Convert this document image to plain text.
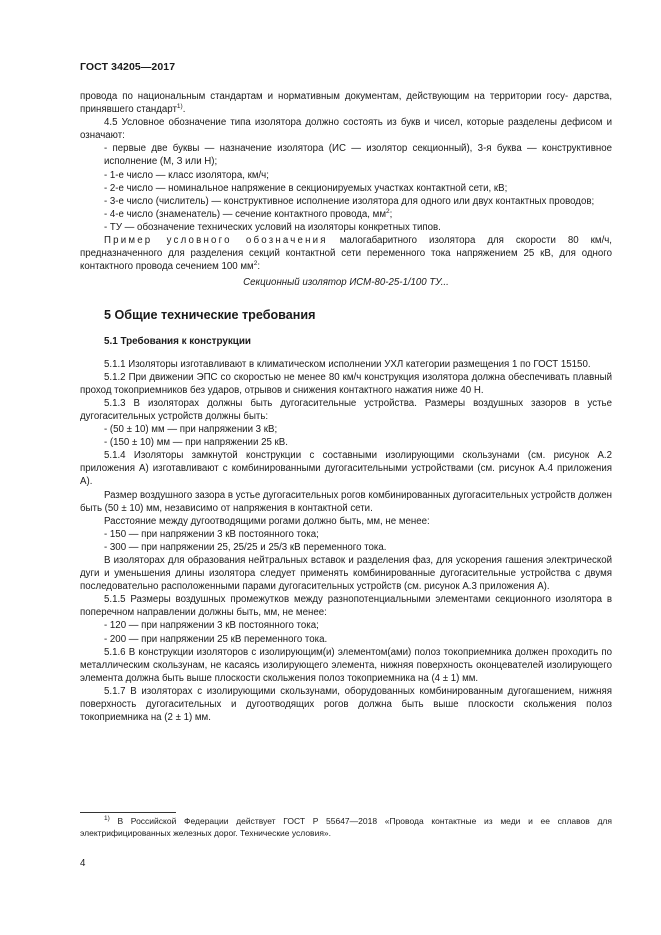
ГОСТ 34205—2017

провода по национальным стандартам и нормативным документам, действующим на территории госу- дарства, принявшего стандарт$^{1)}$.

4.5 Условное обозначение типа изолятора должно состоять из букв и чисел, которые разделены дефисом и означают:

- первые две буквы — назначение изолятора (ИС — изолятор секционный), 3-я буква — конструктивное исполнение (М, З или Н);

- 1-е число — класс изолятора, км/ч;

- 2-е число — номинальное напряжение в секционируемых участках контактной сети, кВ;

- 3-е число (числитель) — конструктивное исполнение изолятора для одного или двух контактных проводов;

- 4-е число (знаменатель) — сечение контактного провода, $мм^2$;

- ТУ — обозначение технических условий на изоляторы конкретных типов.

Пример условного обозначения малогабаритного изолятора для скорости 80 км/ч, предназначенного для разделения секций контактной сети переменного тока напряжением 25 кВ, для одного контактного провода сечением 100 $мм^2$:

Секционный изолятор ИСМ-80-25-1/100 ТУ...

5 Общие технические требования
5.1 Требования к конструкции

5.1.1 Изоляторы изготавливают в климатическом исполнении УХЛ категории размещения 1 по ГОСТ 15150.

5.1.2 При движении ЭПС со скоростью не менее 80 км/ч конструкция изолятора должна обеспечивать плавный проход токоприемников без ударов, отрывов и снижения контактного нажатия ниже 40 Н.

5.1.3 В изоляторах должны быть дугогасительные устройства. Размеры воздушных зазоров в устье дугогасительных устройств должны быть:

- (50 ± 10) мм — при напряжении 3 кВ;

- (150 ± 10) мм — при напряжении 25 кВ.

5.1.4 Изоляторы замкнутой конструкции с составными изолирующими скользунами (см. рисунок А.2 приложения А) изготавливают с комбинированными дугогасительными устройствами (см. рисунок А.4 приложения А).

Размер воздушного зазора в устье дугогасительных рогов комбинированных дугогасительных устройств должен быть (50 ± 10) мм, независимо от напряжения в контактной сети.

Расстояние между дугоотводящими рогами должно быть, мм, не менее:

- 150 — при напряжении 3 кВ постоянного тока;

- 300 — при напряжении 25, 25/25 и 25/3 кВ переменного тока.

В изоляторах для образования нейтральных вставок и разделения фаз, для ускорения гашения электрической дуги и уменьшения длины изолятора следует применять комбинированные дугогасительные устройства с двумя последовательно расположенными парами дугогасительных устройств (см. рисунок А.3 приложения А).

5.1.5 Размеры воздушных промежутков между разнопотенциальными элементами секционного изолятора в поперечном направлении должны быть, мм, не менее:

- 120 — при напряжении 3 кВ постоянного тока;

- 200 — при напряжении 25 кВ переменного тока.

5.1.6 В конструкции изоляторов с изолирующим(и) элементом(ами) полоз токоприемника должен проходить по металлическим скользунам, не касаясь изолирующего элемента, нижняя поверхность оконцевателей изолирующего элемента должна быть выше плоскости скольжения полоз токоприемника на (4 ± 1) мм.

5.1.7 В изоляторах с изолирующими скользунами, оборудованных комбинированным дугогашением, нижняя поверхность дугогасительных и дугоотводящих рогов должна быть выше плоскости скольжения полоз токоприемника на (2 ± 1) мм.

$^{1)}$ В Российской Федерации действует ГОСТ Р 55647—2018 «Провода контактные из меди и ее сплавов для электрифицированных железных дорог. Технические условия».
4
